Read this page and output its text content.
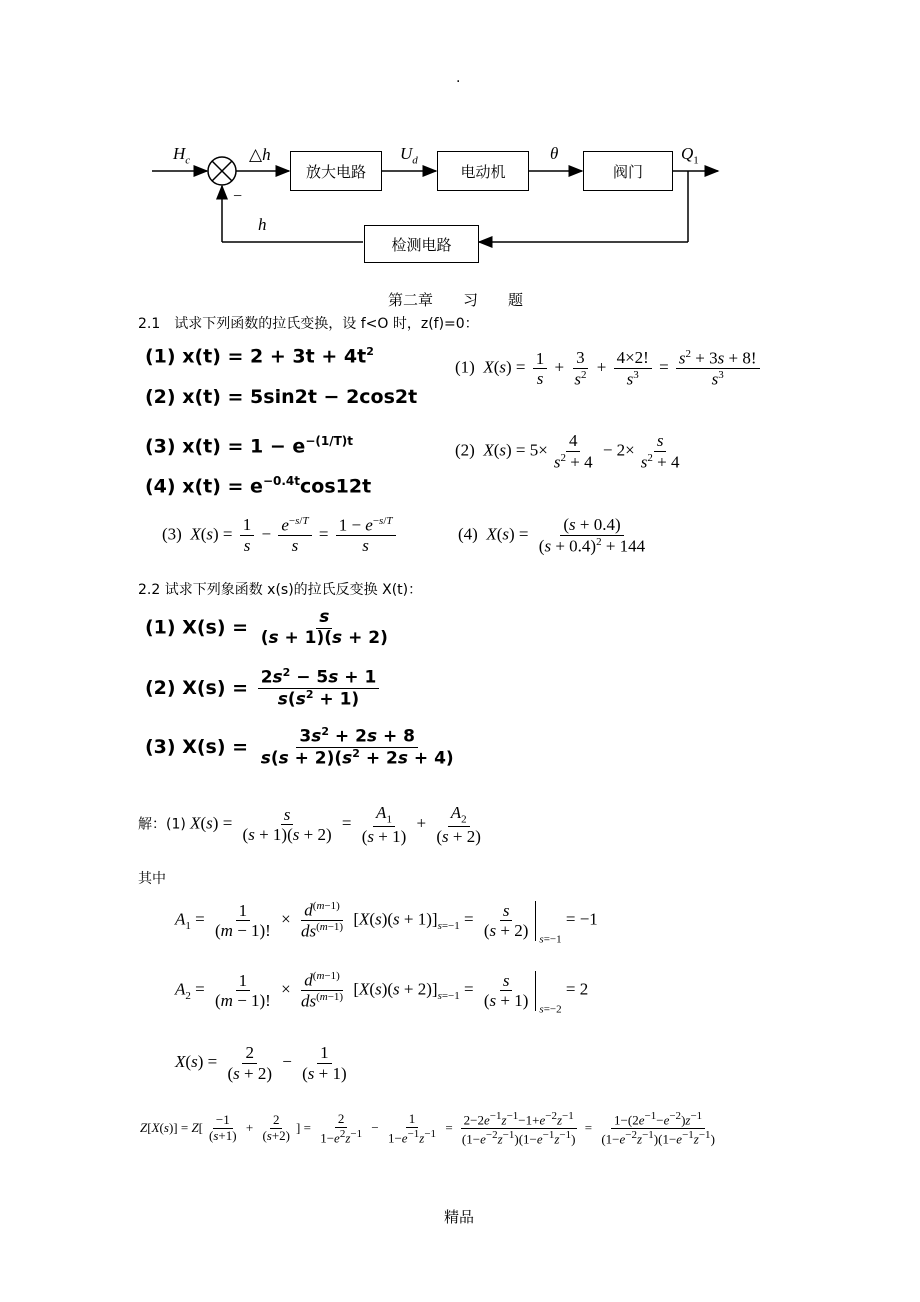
.
放大电路	电动机	阀门
检测电路
$H_c$	△h
−
h
$U_d$	θ	$Q_1$
第二章　　习　　题
2.1　试求下列函数的拉氏变换，设 f<O 时，z(f)=0：
(1) $x(t) = 2 + 3t + 4t^2$
(2) x(t) = 5sin2t − 2cos2t
(3) $x(t) = 1 - e^{-(1/T)t}$
(4) $x(t) = e^{-0.4t}\cos 12t$
(1)  $X(s) = \frac{1}{s} + \frac{3}{s^2} + \frac{4\times 2!}{s^3} = \frac{s^2 + 3s + 8!}{s^3}$
(2)  $X(s) = 5\times \frac{4}{s^2 + 4} - 2\times \frac{s}{s^2 + 4}$
(3)  $X(s) = \frac{1}{s} - \frac{e^{-s/T}}{s} = \frac{1 - e^{-s/T}}{s}$	(4)  $X(s) = \frac{(s + 0.4)}{(s + 0.4)^2 + 144}$
2.2 试求下列象函数 x(s)的拉氏反变换 X(t)：
(1) $X(s) = \frac{s}{(s + 1)(s + 2)}$
(2) $X(s) = \frac{2s^2 - 5s + 1}{s(s^2 + 1)}$
(3) $X(s) = \frac{3s^2 + 2s + 8}{s(s + 2)(s^2 + 2s + 4)}$
解：(1) $X(s) = \frac{s}{(s + 1)(s + 2)} = \frac{A_1}{(s + 1)} + \frac{A_2}{(s + 2)}$
其中
$A_1 = \frac{1}{(m - 1)!} \times \frac{d^{(m-1)}}{ds^{(m-1)}} [X(s)(s + 1)]_{s=-1} = \frac{s}{(s + 2)} _{s=-1} = -1$
$A_2 = \frac{1}{(m - 1)!} \times \frac{d^{(m-1)}}{ds^{(m-1)}} [X(s)(s + 2)]_{s=-1} = \frac{s}{(s + 1)} _{s=-2} = 2$
$X(s) = \frac{2}{(s + 2)} - \frac{1}{(s + 1)}$
$Z[X(s)] = Z[ \frac{-1}{(s+1)} + \frac{2}{(s+2)}$ ] = $\frac{2}{1-e^2z^{-1}} - \frac{1}{1-e^{-1}z^{-1}} = \frac{2-2e^{-1}z^{-1}-1+e^{-2}z^{-1}}{(1-e^{-2}z^{-1})(1-e^{-1}z^{-1})} = \frac{1-(2e^{-1}-e^{-2})z^{-1}}{(1-e^{-2}z^{-1})(1-e^{-1}z^{-1})}$
精品
